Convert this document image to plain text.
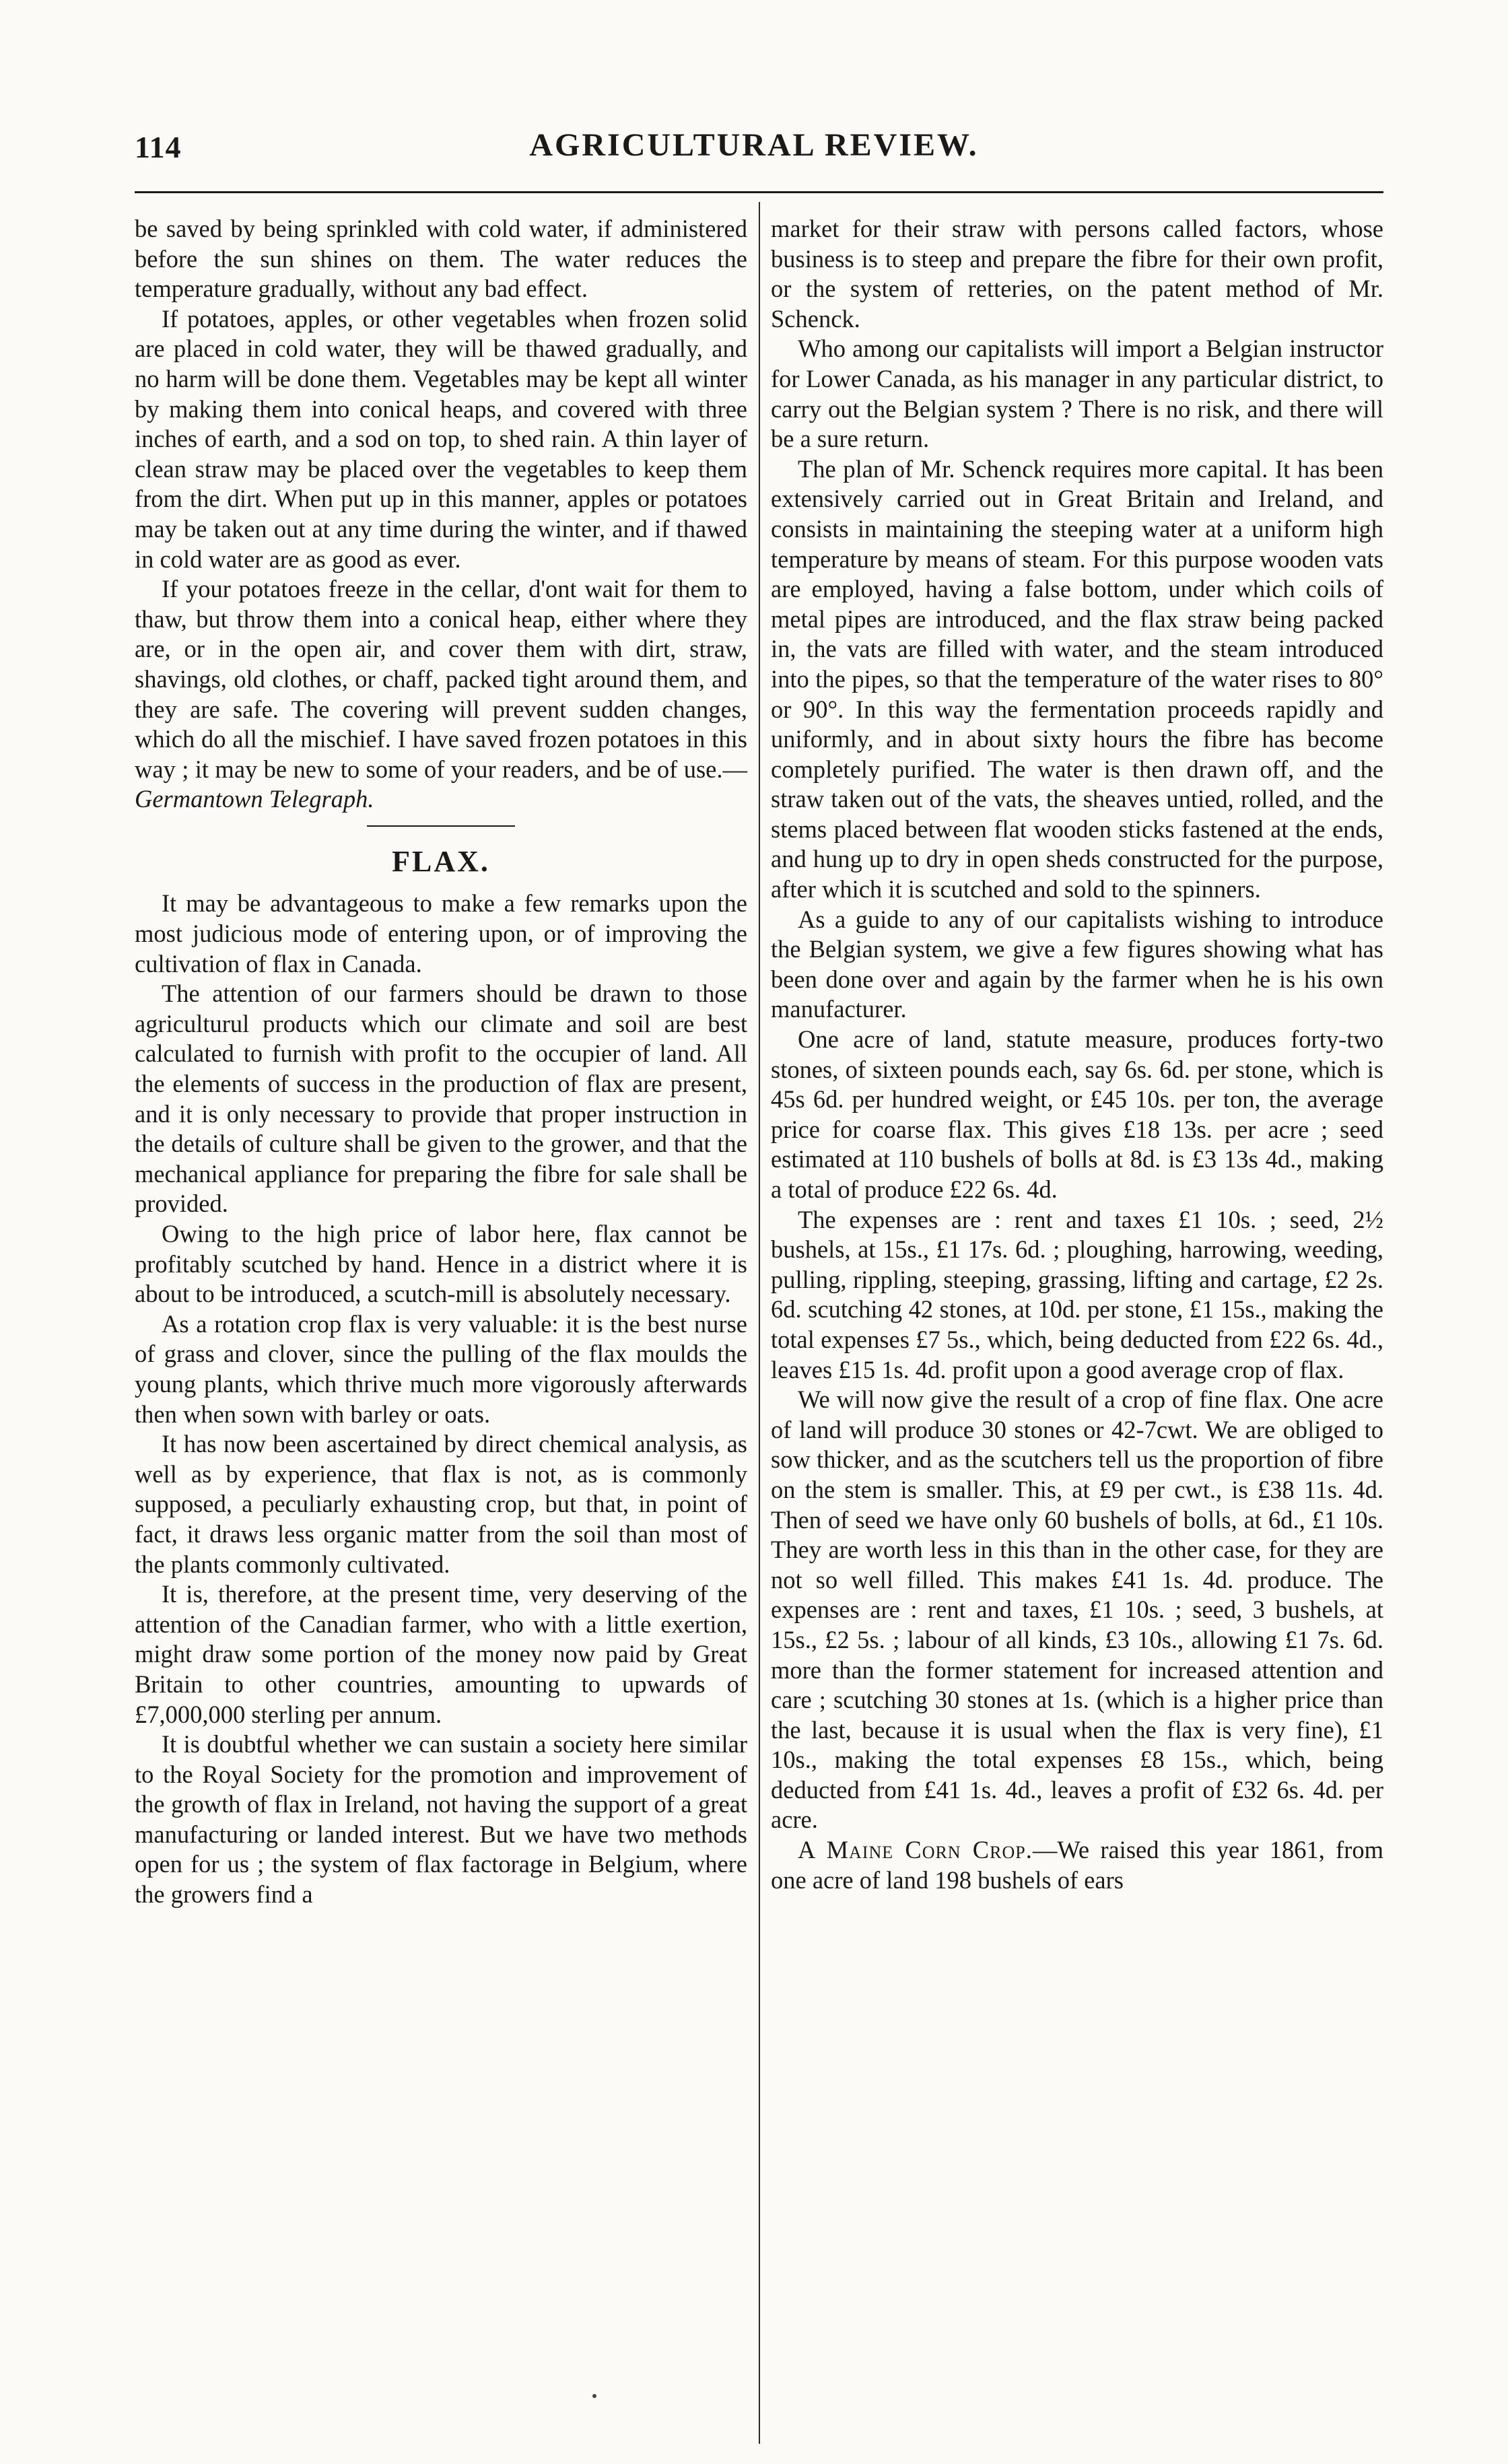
114	AGRICULTURAL REVIEW.

be saved by being sprinkled with cold water, if administered before the sun shines on them. The water reduces the temperature gradually, without any bad effect.

If potatoes, apples, or other vegetables when frozen solid are placed in cold water, they will be thawed gradually, and no harm will be done them. Vegetables may be kept all winter by making them into conical heaps, and covered with three inches of earth, and a sod on top, to shed rain. A thin layer of clean straw may be placed over the vegetables to keep them from the dirt. When put up in this manner, apples or potatoes may be taken out at any time during the winter, and if thawed in cold water are as good as ever.

If your potatoes freeze in the cellar, d'ont wait for them to thaw, but throw them into a conical heap, either where they are, or in the open air, and cover them with dirt, straw, shavings, old clothes, or chaff, packed tight around them, and they are safe. The covering will prevent sudden changes, which do all the mischief. I have saved frozen potatoes in this way ; it may be new to some of your readers, and be of use.—Germantown Telegraph.

FLAX.

It may be advantageous to make a few remarks upon the most judicious mode of entering upon, or of improving the cultivation of flax in Canada.

The attention of our farmers should be drawn to those agriculturul products which our climate and soil are best calculated to furnish with profit to the occupier of land. All the elements of success in the production of flax are present, and it is only necessary to provide that proper instruction in the details of culture shall be given to the grower, and that the mechanical appliance for preparing the fibre for sale shall be provided.

Owing to the high price of labor here, flax cannot be profitably scutched by hand. Hence in a district where it is about to be introduced, a scutch-mill is absolutely necessary.

As a rotation crop flax is very valuable: it is the best nurse of grass and clover, since the pulling of the flax moulds the young plants, which thrive much more vigorously afterwards then when sown with barley or oats.

It has now been ascertained by direct chemical analysis, as well as by experience, that flax is not, as is commonly supposed, a peculiarly exhausting crop, but that, in point of fact, it draws less organic matter from the soil than most of the plants commonly cultivated.

It is, therefore, at the present time, very deserving of the attention of the Canadian farmer, who with a little exertion, might draw some portion of the money now paid by Great Britain to other countries, amounting to upwards of £7,000,000 sterling per annum.

It is doubtful whether we can sustain a society here similar to the Royal Society for the promotion and improvement of the growth of flax in Ireland, not having the support of a great manufacturing or landed interest. But we have two methods open for us ; the system of flax factorage in Belgium, where the growers find a

market for their straw with persons called factors, whose business is to steep and prepare the fibre for their own profit, or the system of retteries, on the patent method of Mr. Schenck.

Who among our capitalists will import a Belgian instructor for Lower Canada, as his manager in any particular district, to carry out the Belgian system ? There is no risk, and there will be a sure return.

The plan of Mr. Schenck requires more capital. It has been extensively carried out in Great Britain and Ireland, and consists in maintaining the steeping water at a uniform high temperature by means of steam. For this purpose wooden vats are employed, having a false bottom, under which coils of metal pipes are introduced, and the flax straw being packed in, the vats are filled with water, and the steam introduced into the pipes, so that the temperature of the water rises to 80° or 90°. In this way the fermentation proceeds rapidly and uniformly, and in about sixty hours the fibre has become completely purified. The water is then drawn off, and the straw taken out of the vats, the sheaves untied, rolled, and the stems placed between flat wooden sticks fastened at the ends, and hung up to dry in open sheds constructed for the purpose, after which it is scutched and sold to the spinners.

As a guide to any of our capitalists wishing to introduce the Belgian system, we give a few figures showing what has been done over and again by the farmer when he is his own manufacturer.

One acre of land, statute measure, produces forty-two stones, of sixteen pounds each, say 6s. 6d. per stone, which is 45s 6d. per hundred weight, or £45 10s. per ton, the average price for coarse flax. This gives £18 13s. per acre ; seed estimated at 110 bushels of bolls at 8d. is £3 13s 4d., making a total of produce £22 6s. 4d.

The expenses are : rent and taxes £1 10s. ; seed, 2½ bushels, at 15s., £1 17s. 6d. ; ploughing, harrowing, weeding, pulling, rippling, steeping, grassing, lifting and cartage, £2 2s. 6d. scutching 42 stones, at 10d. per stone, £1 15s., making the total expenses £7 5s., which, being deducted from £22 6s. 4d., leaves £15 1s. 4d. profit upon a good average crop of flax.

We will now give the result of a crop of fine flax. One acre of land will produce 30 stones or 42-7cwt. We are obliged to sow thicker, and as the scutchers tell us the proportion of fibre on the stem is smaller. This, at £9 per cwt., is £38 11s. 4d. Then of seed we have only 60 bushels of bolls, at 6d., £1 10s. They are worth less in this than in the other case, for they are not so well filled. This makes £41 1s. 4d. produce. The expenses are : rent and taxes, £1 10s. ; seed, 3 bushels, at 15s., £2 5s. ; labour of all kinds, £3 10s., allowing £1 7s. 6d. more than the former statement for increased attention and care ; scutching 30 stones at 1s. (which is a higher price than the last, because it is usual when the flax is very fine), £1 10s., making the total expenses £8 15s., which, being deducted from £41 1s. 4d., leaves a profit of £32 6s. 4d. per acre.

A Maine Corn Crop.—We raised this year 1861, from one acre of land 198 bushels of ears
